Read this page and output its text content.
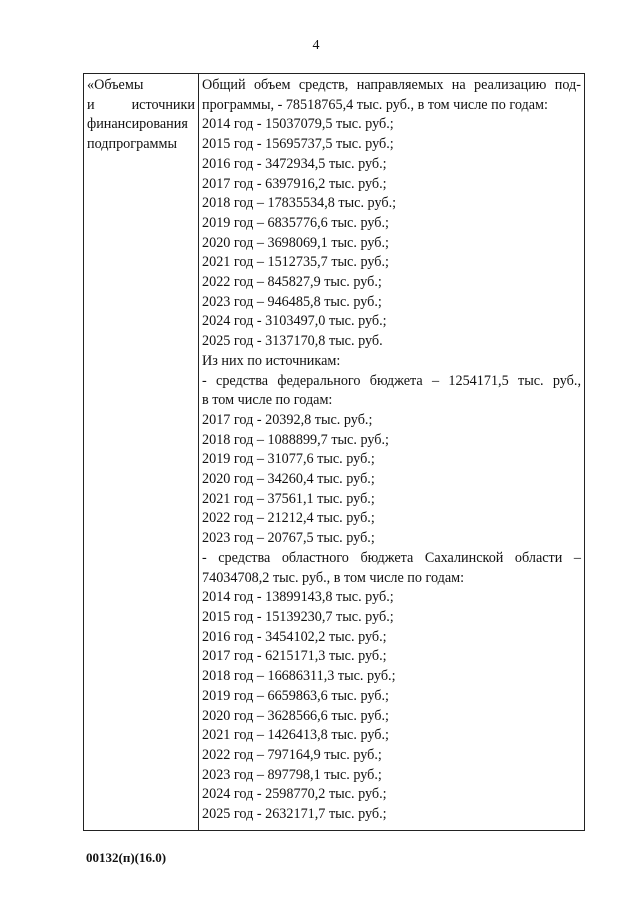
4
«Объемы
и	источники
финансирования
подпрограммы
Общий объем средств, направляемых на реализацию под-
программы, - 78518765,4 тыс. руб., в том числе по годам:
2014 год - 15037079,5 тыс. руб.;
2015 год - 15695737,5 тыс. руб.;
2016 год - 3472934,5 тыс. руб.;
2017 год - 6397916,2 тыс. руб.;
2018 год – 17835534,8 тыс. руб.;
2019 год – 6835776,6 тыс. руб.;
2020 год – 3698069,1 тыс. руб.;
2021 год – 1512735,7 тыс. руб.;
2022 год – 845827,9 тыс. руб.;
2023 год – 946485,8 тыс. руб.;
2024 год - 3103497,0 тыс. руб.;
2025 год - 3137170,8 тыс. руб.
Из них по источникам:
- средства федерального бюджета – 1254171,5 тыс. руб.,
в том числе по годам:
2017 год - 20392,8 тыс. руб.;
2018 год – 1088899,7 тыс. руб.;
2019 год – 31077,6 тыс. руб.;
2020 год – 34260,4 тыс. руб.;
2021 год – 37561,1 тыс. руб.;
2022 год – 21212,4 тыс. руб.;
2023 год – 20767,5 тыс. руб.;
- средства областного бюджета Сахалинской области –
74034708,2 тыс. руб., в том числе по годам:
2014 год - 13899143,8 тыс. руб.;
2015 год - 15139230,7 тыс. руб.;
2016 год - 3454102,2 тыс. руб.;
2017 год - 6215171,3 тыс. руб.;
2018 год – 16686311,3 тыс. руб.;
2019 год – 6659863,6 тыс. руб.;
2020 год – 3628566,6 тыс. руб.;
2021 год – 1426413,8 тыс. руб.;
2022 год – 797164,9 тыс. руб.;
2023 год – 897798,1 тыс. руб.;
2024 год - 2598770,2 тыс. руб.;
2025 год - 2632171,7 тыс. руб.;
00132(п)(16.0)
